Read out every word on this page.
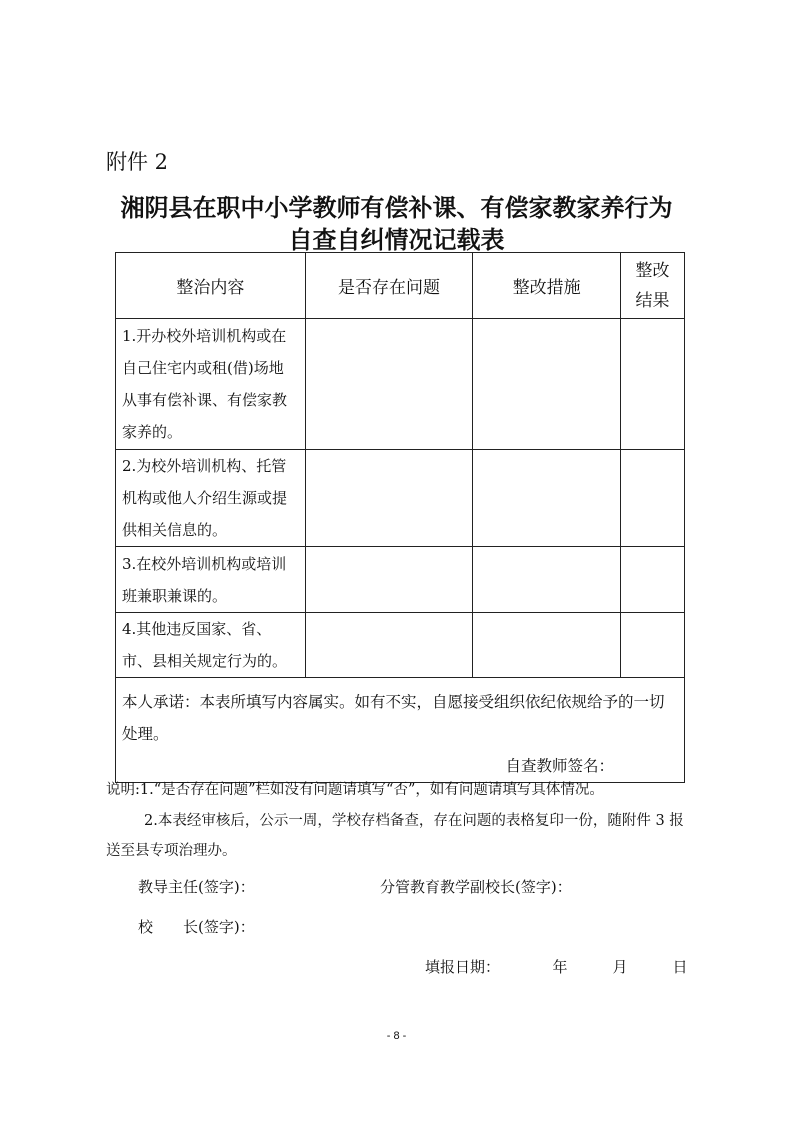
附件 2
湘阴县在职中小学教师有偿补课、有偿家教家养行为
自查自纠情况记载表
整治内容	是否存在问题	整改措施	整改结果
1.开办校外培训机构或在自己住宅内或租(借)场地从事有偿补课、有偿家教家养的。			
2.为校外培训机构、托管机构或他人介绍生源或提供相关信息的。			
3.在校外培训机构或培训班兼职兼课的。			
4.其他违反国家、省、市、县相关规定行为的。			

本人承诺：本表所填写内容属实。如有不实，自愿接受组织依纪依规给予的一切处理。
自查教师签名：			
说明:1.“是否存在问题”栏如没有问题请填写“否”，如有问题请填写具体情况。
2.本表经审核后，公示一周，学校存档备查，存在问题的表格复印一份，随附件 3 报送至县专项治理办。
教导主任(签字)：	分管教育教学副校长(签字)：
校　　长(签字)：
填报日期：　　　　年　　　月　　　日
- 8 -
